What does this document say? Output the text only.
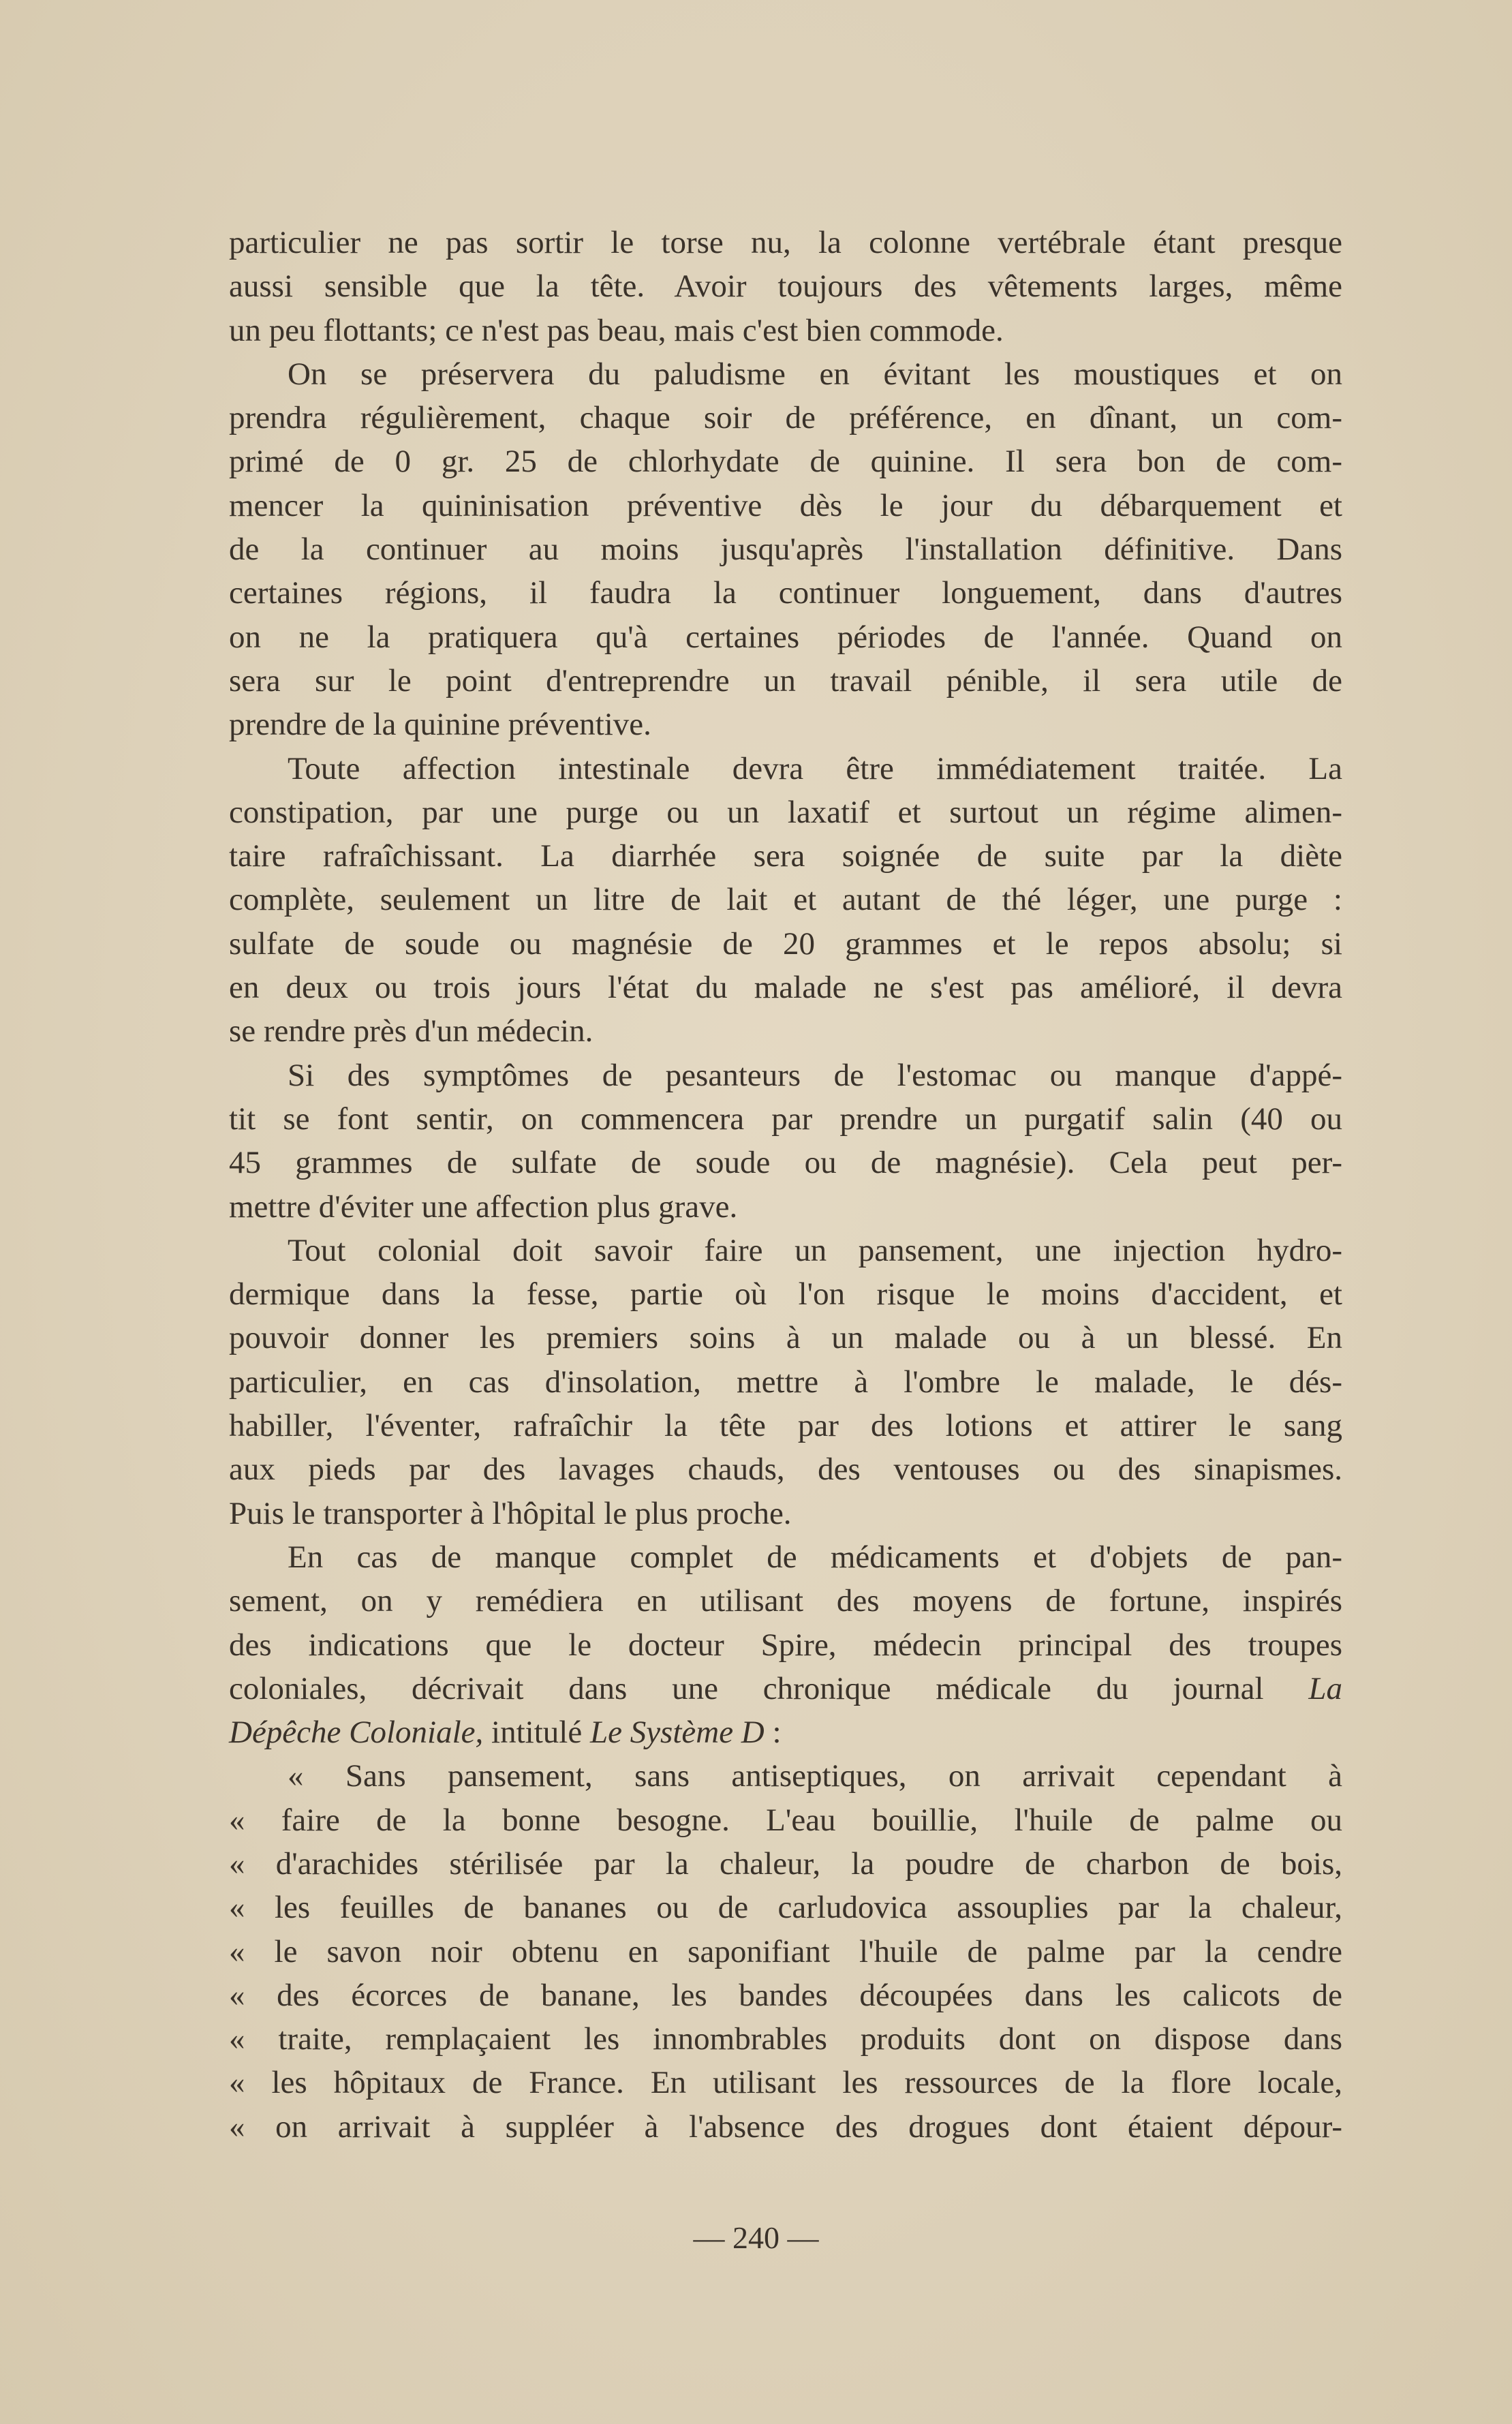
particulier ne pas sortir le torse nu, la colonne vertébrale étant presque
aussi sensible que la tête. Avoir toujours des vêtements larges, même
un peu flottants; ce n'est pas beau, mais c'est bien commode.
On se préservera du paludisme en évitant les moustiques et on
prendra régulièrement, chaque soir de préférence, en dînant, un com-
primé de 0 gr. 25 de chlorhydate de quinine. Il sera bon de com-
mencer la quininisation préventive dès le jour du débarquement et
de la continuer au moins jusqu'après l'installation définitive. Dans
certaines régions, il faudra la continuer longuement, dans d'autres
on ne la pratiquera qu'à certaines périodes de l'année. Quand on
sera sur le point d'entreprendre un travail pénible, il sera utile de
prendre de la quinine préventive.
Toute affection intestinale devra être immédiatement traitée. La
constipation, par une purge ou un laxatif et surtout un régime alimen-
taire rafraîchissant. La diarrhée sera soignée de suite par la diète
complète, seulement un litre de lait et autant de thé léger, une purge :
sulfate de soude ou magnésie de 20 grammes et le repos absolu; si
en deux ou trois jours l'état du malade ne s'est pas amélioré, il devra
se rendre près d'un médecin.
Si des symptômes de pesanteurs de l'estomac ou manque d'appé-
tit se font sentir, on commencera par prendre un purgatif salin (40 ou
45 grammes de sulfate de soude ou de magnésie). Cela peut per-
mettre d'éviter une affection plus grave.
Tout colonial doit savoir faire un pansement, une injection hydro-
dermique dans la fesse, partie où l'on risque le moins d'accident, et
pouvoir donner les premiers soins à un malade ou à un blessé. En
particulier, en cas d'insolation, mettre à l'ombre le malade, le dés-
habiller, l'éventer, rafraîchir la tête par des lotions et attirer le sang
aux pieds par des lavages chauds, des ventouses ou des sinapismes.
Puis le transporter à l'hôpital le plus proche.
En cas de manque complet de médicaments et d'objets de pan-
sement, on y remédiera en utilisant des moyens de fortune, inspirés
des indications que le docteur Spire, médecin principal des troupes
coloniales, décrivait dans une chronique médicale du journal La
Dépêche Coloniale, intitulé Le Système D :
« Sans pansement, sans antiseptiques, on arrivait cependant à
« faire de la bonne besogne. L'eau bouillie, l'huile de palme ou
« d'arachides stérilisée par la chaleur, la poudre de charbon de bois,
« les feuilles de bananes ou de carludovica assouplies par la chaleur,
« le savon noir obtenu en saponifiant l'huile de palme par la cendre
« des écorces de banane, les bandes découpées dans les calicots de
« traite, remplaçaient les innombrables produits dont on dispose dans
« les hôpitaux de France. En utilisant les ressources de la flore locale,
« on arrivait à suppléer à l'absence des drogues dont étaient dépour-
— 240 —
